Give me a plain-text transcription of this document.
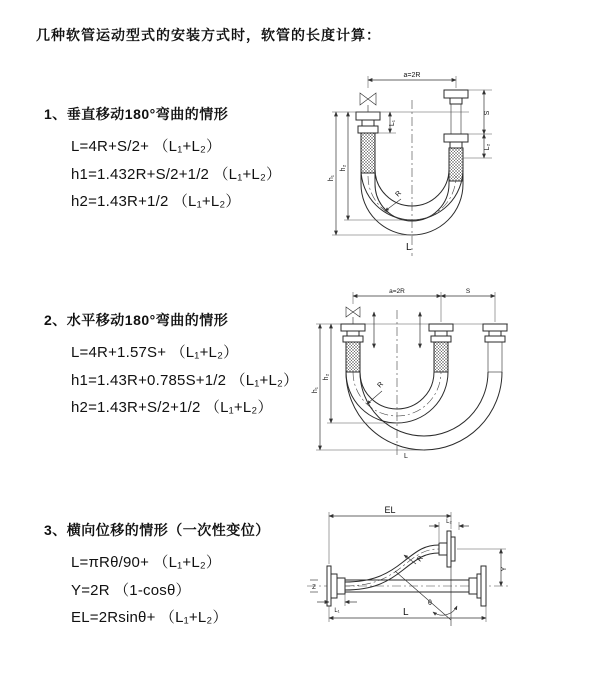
几种软管运动型式的安装方式时，软管的长度计算：
1、垂直移动180°弯曲的情形
L=4R+S/2+ （L₁+L₂）
h1=1.432R+S/2+1/2 （L₁+L₂）
h2=1.43R+1/2 （L₁+L₂）
2、水平移动180°弯曲的情形
L=4R+1.57S+ （L₁+L₂）
h1=1.43R+0.785S+1/2 （L₁+L₂）
h2=1.43R+S/2+1/2 （L₁+L₂）
3、横向位移的情形（一次性变位）
L=πRθ/90+ （L₁+L₂）
Y=2R （1-cosθ）
EL=2Rsinθ+ （L₁+L₂）
a=2R
h₁
h₂
L₁
S
L₂
R
L
a=2R	S
h₁
h₂
R
L
Z
EL
L₂
θ
R
Y
L₁	L
